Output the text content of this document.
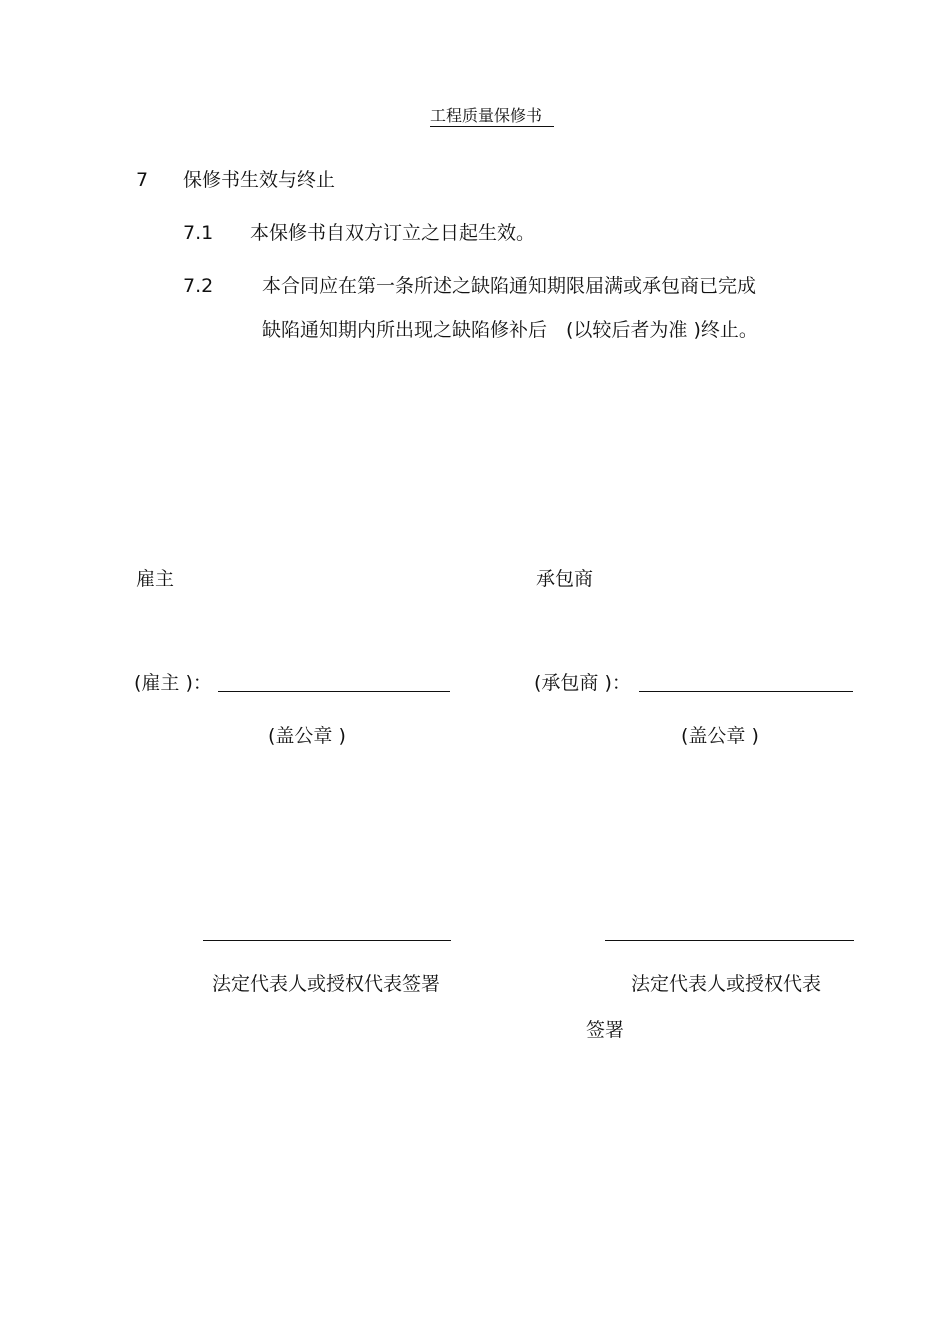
工程质量保修书
7 保修书生效与终止
7.1 本保修书自双方订立之日起生效。
7.2	本合同应在第一条所述之缺陷通知期限届满或承包商已完成
缺陷通知期内所出现之缺陷修补后　(以较后者为准 )终止。
雇主	承包商
(雇主 )：	(承包商 )：
(盖公章 )	(盖公章 )
法定代表人或授权代表签署	法定代表人或授权代表
签署
